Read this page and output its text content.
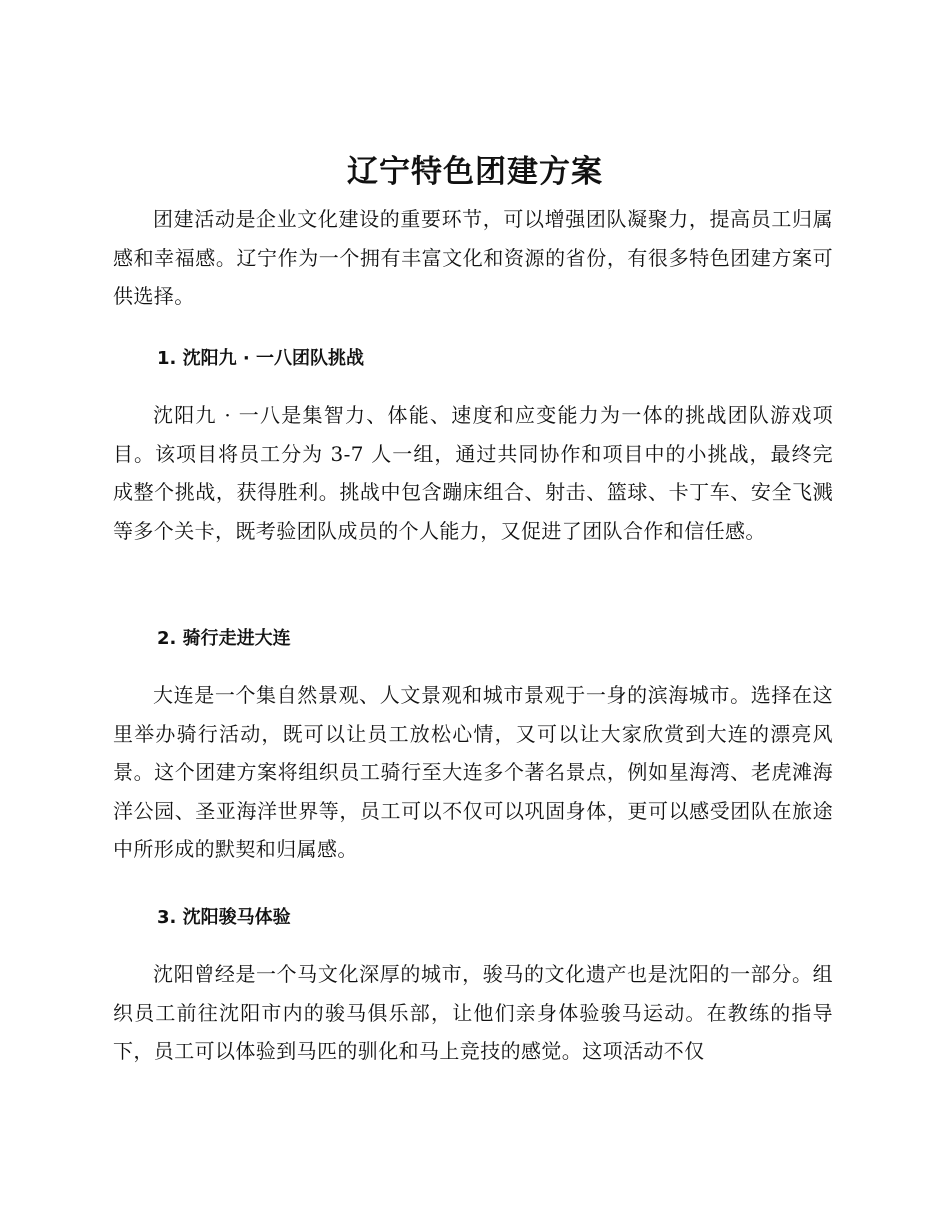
辽宁特色团建方案

团建活动是企业文化建设的重要环节，可以增强团队凝聚力，提高员工归属感和幸福感。辽宁作为一个拥有丰富文化和资源的省份，有很多特色团建方案可供选择。

1. 沈阳九 · 一八团队挑战

沈阳九 · 一八是集智力、体能、速度和应变能力为一体的挑战团队游戏项目。该项目将员工分为 3-7 人一组，通过共同协作和项目中的小挑战，最终完成整个挑战，获得胜利。挑战中包含蹦床组合、射击、篮球、卡丁车、安全飞溅等多个关卡，既考验团队成员的个人能力，又促进了团队合作和信任感。

2. 骑行走进大连

大连是一个集自然景观、人文景观和城市景观于一身的滨海城市。选择在这里举办骑行活动，既可以让员工放松心情，又可以让大家欣赏到大连的漂亮风景。这个团建方案将组织员工骑行至大连多个著名景点，例如星海湾、老虎滩海洋公园、圣亚海洋世界等，员工可以不仅可以巩固身体，更可以感受团队在旅途中所形成的默契和归属感。

3. 沈阳骏马体验

沈阳曾经是一个马文化深厚的城市，骏马的文化遗产也是沈阳的一部分。组织员工前往沈阳市内的骏马俱乐部，让他们亲身体验骏马运动。在教练的指导下，员工可以体验到马匹的驯化和马上竞技的感觉。这项活动不仅
